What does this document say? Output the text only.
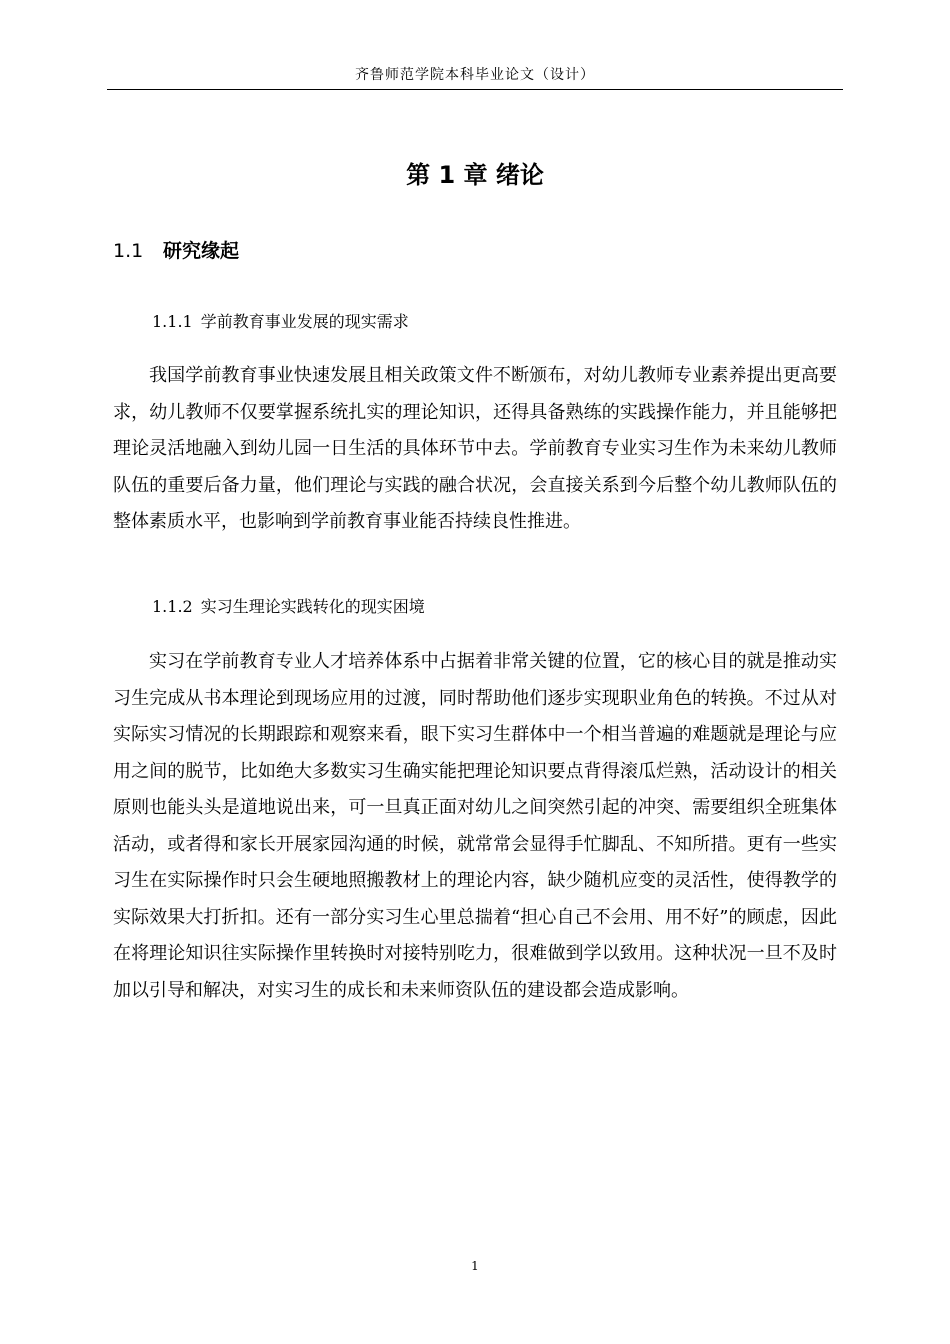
齐鲁师范学院本科毕业论文（设计）
第 1 章 绪论
1.1 研究缘起
1.1.1 学前教育事业发展的现实需求

我国学前教育事业快速发展且相关政策文件不断颁布，对幼儿教师专业素养提出更高要求，幼儿教师不仅要掌握系统扎实的理论知识，还得具备熟练的实践操作能力，并且能够把理论灵活地融入到幼儿园一日生活的具体环节中去。学前教育专业实习生作为未来幼儿教师队伍的重要后备力量，他们理论与实践的融合状况，会直接关系到今后整个幼儿教师队伍的整体素质水平，也影响到学前教育事业能否持续良性推进。

1.1.2 实习生理论实践转化的现实困境

实习在学前教育专业人才培养体系中占据着非常关键的位置，它的核心目的就是推动实习生完成从书本理论到现场应用的过渡，同时帮助他们逐步实现职业角色的转换。不过从对实际实习情况的长期跟踪和观察来看，眼下实习生群体中一个相当普遍的难题就是理论与应用之间的脱节，比如绝大多数实习生确实能把理论知识要点背得滚瓜烂熟，活动设计的相关原则也能头头是道地说出来，可一旦真正面对幼儿之间突然引起的冲突、需要组织全班集体活动，或者得和家长开展家园沟通的时候，就常常会显得手忙脚乱、不知所措。更有一些实习生在实际操作时只会生硬地照搬教材上的理论内容，缺少随机应变的灵活性，使得教学的实际效果大打折扣。还有一部分实习生心里总揣着“担心自己不会用、用不好”的顾虑，因此在将理论知识往实际操作里转换时对接特别吃力，很难做到学以致用。这种状况一旦不及时加以引导和解决，对实习生的成长和未来师资队伍的建设都会造成影响。

1
